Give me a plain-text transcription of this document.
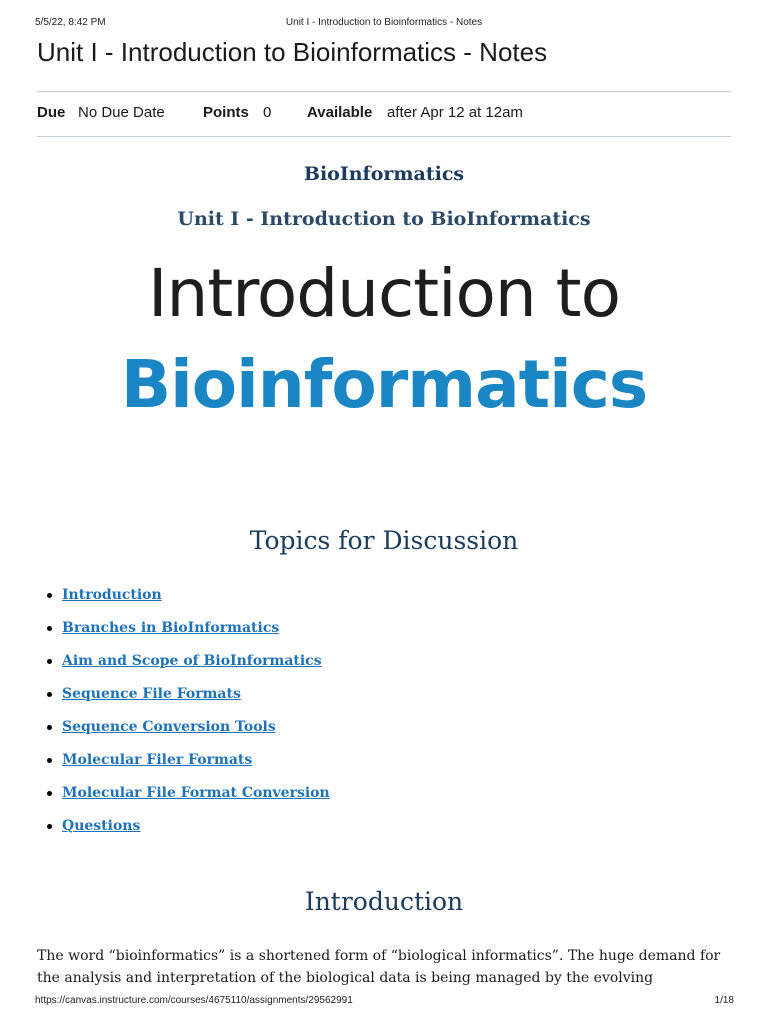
5/5/22, 8:42 PM	Unit I - Introduction to Bioinformatics - Notes
Unit I - Introduction to Bioinformatics - Notes
Due No Due Date	Points 0 Available after Apr 12 at 12am
BioInformatics
Unit I - Introduction to BioInformatics
Introduction to
Bioinformatics
Topics for Discussion
Introduction
Branches in BioInformatics
Aim and Scope of BioInformatics
Sequence File Formats
Sequence Conversion Tools
Molecular Filer Formats
Molecular File Format Conversion
Questions
Introduction

The word “bioinformatics” is a shortened form of “biological informatics”. The huge demand for the analysis and interpretation of the biological data is being managed by the evolving

https://canvas.instructure.com/courses/4675110/assignments/29562991	1/18
